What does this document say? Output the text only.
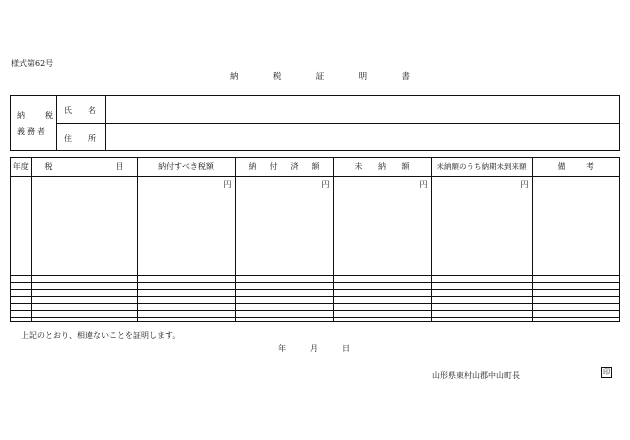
様式第62号
納	税	証	明	書
納　税
義務者
氏　名
住　所
年度	税 目	納付すべき税額	納 付 済 額	未 納 額	未納額のうち納期未到来額	備 考

		円	円	円	円	

上記のとおり、相違ないことを証明します。
年	月	日
山形県東村山郡中山町長	印
